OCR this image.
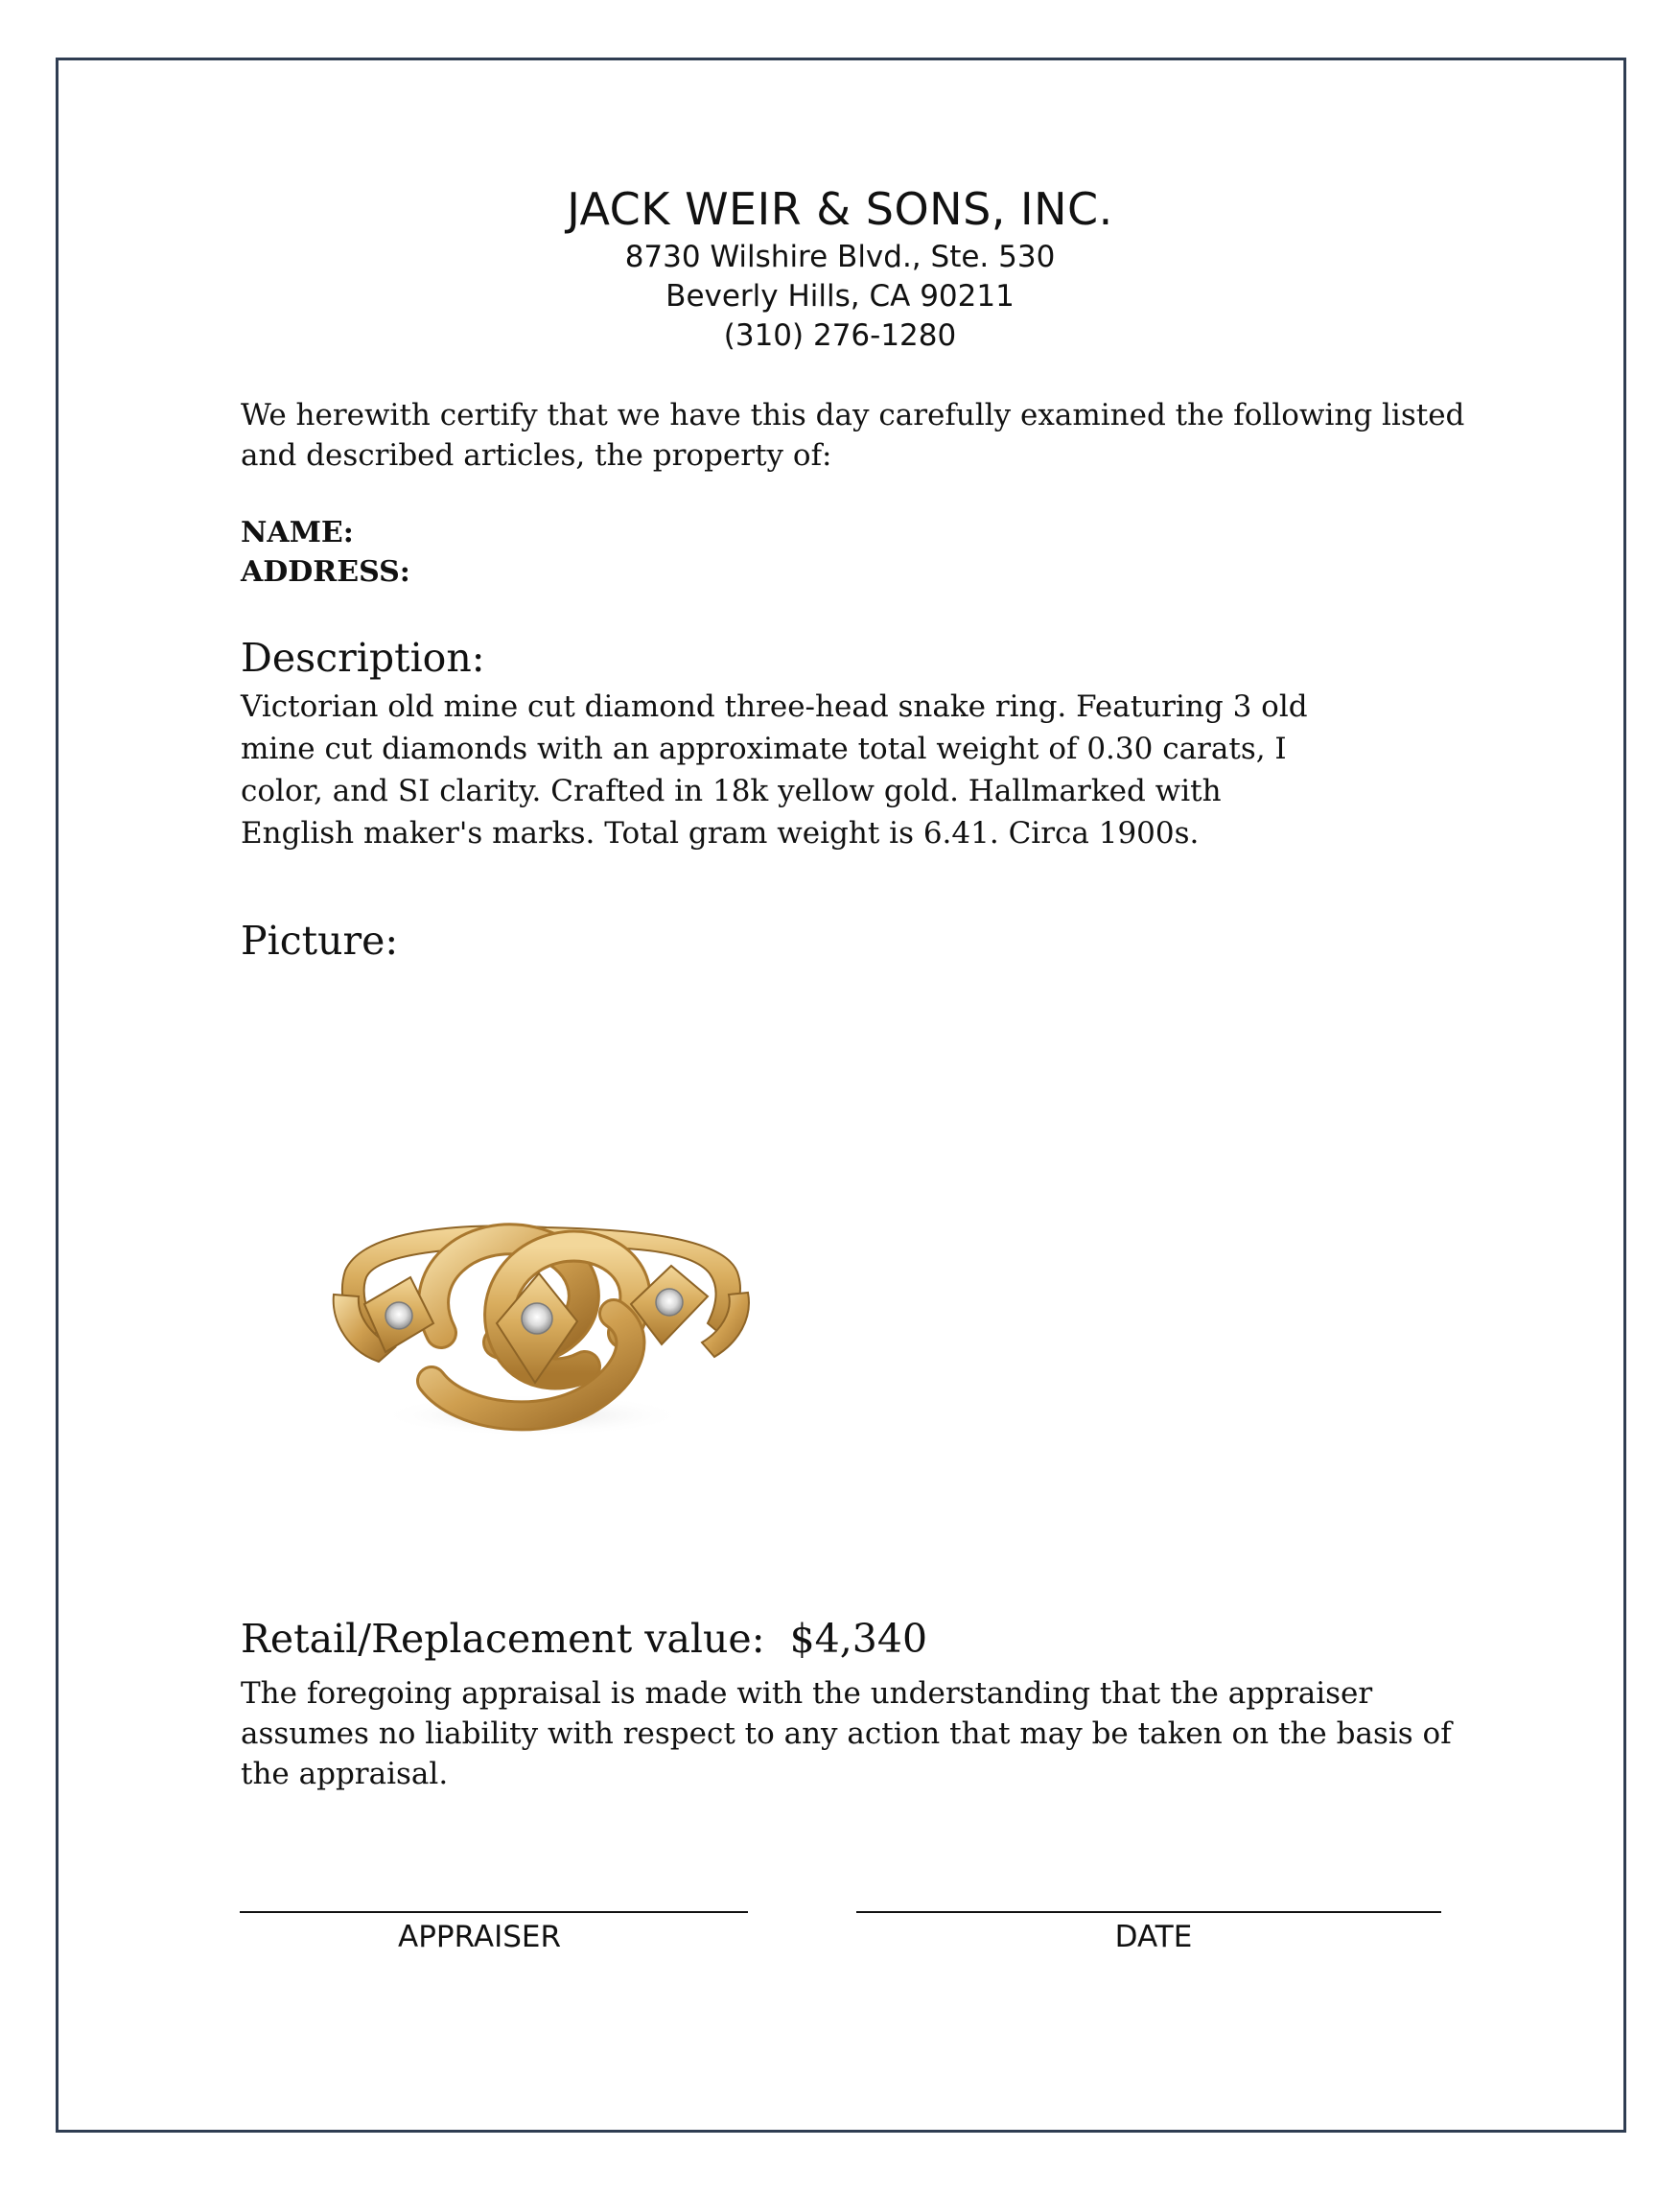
JACK WEIR & SONS, INC.
8730 Wilshire Blvd., Ste. 530
Beverly Hills, CA 90211
(310) 276-1280

We herewith certify that we have this day carefully examined the following listed and described articles, the property of:

NAME:
ADDRESS:
Description:

Victorian old mine cut diamond three-head snake ring. Featuring 3 old mine cut diamonds with an approximate total weight of 0.30 carats, I color, and SI clarity. Crafted in 18k yellow gold. Hallmarked with English maker's marks. Total gram weight is 6.41. Circa 1900s.

Picture:
Retail/Replacement value: $4,340

The foregoing appraisal is made with the understanding that the appraiser assumes no liability with respect to any action that may be taken on the basis of the appraisal.

APPRAISER	DATE
